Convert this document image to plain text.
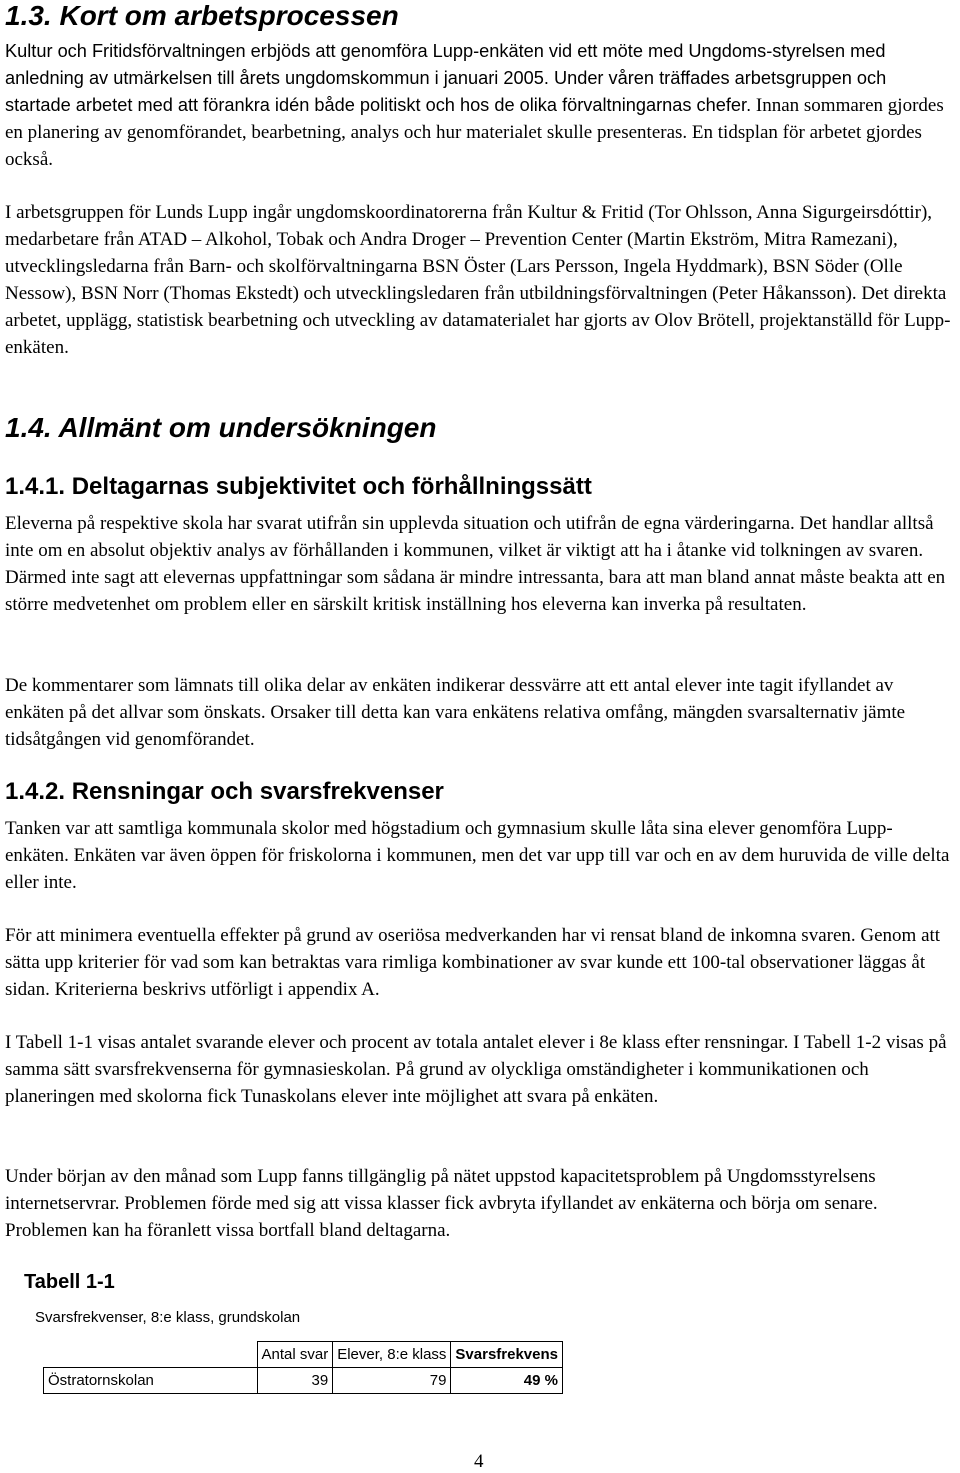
1.3. Kort om arbetsprocessen

Kultur och Fritidsförvaltningen erbjöds att genomföra Lupp-enkäten vid ett möte med Ungdoms-styrelsen med anledning av utmärkelsen till årets ungdomskommun i januari 2005. Under våren träffades arbetsgruppen och startade arbetet med att förankra idén både politiskt och hos de olika förvaltningarnas chefer. Innan sommaren gjordes en planering av genomförandet, bearbetning, analys och hur materialet skulle presenteras. En tidsplan för arbetet gjordes också.

I arbetsgruppen för Lunds Lupp ingår ungdomskoordinatorerna från Kultur & Fritid (Tor Ohlsson, Anna Sigurgeirsdóttir), medarbetare från ATAD – Alkohol, Tobak och Andra Droger – Prevention Center (Martin Ekström, Mitra Ramezani), utvecklingsledarna från Barn- och skolförvaltningarna BSN Öster (Lars Persson, Ingela Hyddmark), BSN Söder (Olle Nessow), BSN Norr (Thomas Ekstedt) och utvecklingsledaren från utbildningsförvaltningen (Peter Håkansson). Det direkta arbetet, upplägg, statistisk bearbetning och utveckling av datamaterialet har gjorts av Olov Brötell, projektanställd för Lupp-enkäten.

1.4. Allmänt om undersökningen
1.4.1. Deltagarnas subjektivitet och förhållningssätt

Eleverna på respektive skola har svarat utifrån sin upplevda situation och utifrån de egna värderingarna. Det handlar alltså inte om en absolut objektiv analys av förhållanden i kommunen, vilket är viktigt att ha i åtanke vid tolkningen av svaren. Därmed inte sagt att elevernas uppfattningar som sådana är mindre intressanta, bara att man bland annat måste beakta att en större medvetenhet om problem eller en särskilt kritisk inställning hos eleverna kan inverka på resultaten.

De kommentarer som lämnats till olika delar av enkäten indikerar dessvärre att ett antal elever inte tagit ifyllandet av enkäten på det allvar som önskats. Orsaker till detta kan vara enkätens relativa omfång, mängden svarsalternativ jämte tidsåtgången vid genomförandet.

1.4.2. Rensningar och svarsfrekvenser

Tanken var att samtliga kommunala skolor med högstadium och gymnasium skulle låta sina elever genomföra Lupp-enkäten. Enkäten var även öppen för friskolorna i kommunen, men det var upp till var och en av dem huruvida de ville delta eller inte.

För att minimera eventuella effekter på grund av oseriösa medverkanden har vi rensat bland de inkomna svaren. Genom att sätta upp kriterier för vad som kan betraktas vara rimliga kombinationer av svar kunde ett 100-tal observationer läggas åt sidan. Kriterierna beskrivs utförligt i appendix A.

I Tabell 1-1 visas antalet svarande elever och procent av totala antalet elever i 8e klass efter rensningar. I Tabell 1-2 visas på samma sätt svarsfrekvenserna för gymnasieskolan. På grund av olyckliga omständigheter i kommunikationen och planeringen med skolorna fick Tunaskolans elever inte möjlighet att svara på enkäten.

Under början av den månad som Lupp fanns tillgänglig på nätet uppstod kapacitetsproblem på Ungdomsstyrelsens internetservrar. Problemen förde med sig att vissa klasser fick avbryta ifyllandet av enkäterna och börja om senare. Problemen kan ha föranlett vissa bortfall bland deltagarna.

Tabell 1-1
Svarsfrekvenser, 8:e klass, grundskolan
	Antal svar	Elever, 8:e klass	Svarsfrekvens
Östratornskolan	39	79	49 %
4
